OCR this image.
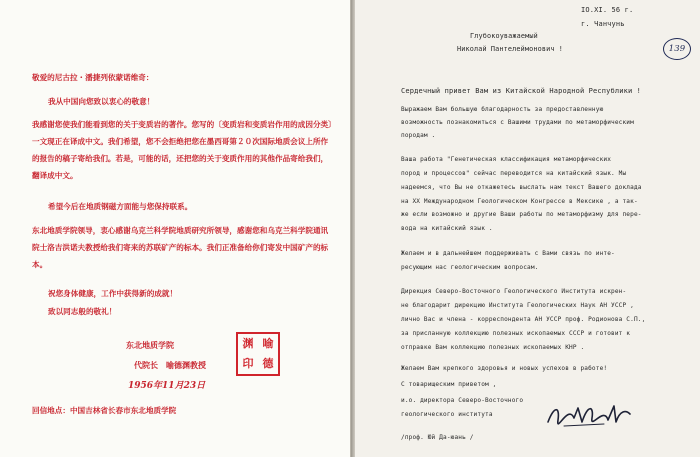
敬爱的尼古拉・潘捷列依蒙诺维奇：
我从中国向您致以衷心的敬意！
我感谢您使我们能看到您的关于变质岩的著作。您写的〔变质岩和变质岩作用的成因分类〕一文现正在译成中文。我们希望，您不会拒绝把您在墨西哥第２０次国际地质会议上所作的报告的稿子寄给我们。若是，可能的话，还把您的关于变质作用的其他作品寄给我们，翻译成中文。
希望今后在地质钢磁方面能与您保持联系。
东北地质学院领导，衷心感谢乌克兰科学院地质研究所领导，感谢您和乌克兰科学院通讯院士洛吉洪诺夫教授给我们寄来的苏联矿产的标本。我们正准备给你们寄发中国矿产的标本。
祝您身体健康，工作中获得新的成就！
致以同志般的敬礼！
东北地质学院
代院长　喻德渊教授
1956年11月23日
回信地点：中国吉林省长春市东北地质学院
渊 喻
印 德
IO.XI. 56 г.
г. Чанчунь
Глубокоуважаемый
Николай Пантелеймонович !	139
Сердечный привет Вам из Китайской Народной Республики !
Выражаем Вам большую благодарность за предоставленную
возможность познакомиться с Вашими трудами по метаморфическим
породам .
Ваша работа "Генетическая классификация метаморфических
пород и процессов" сейчас переводится на китайский язык. Мы
надеемся, что Вы не откажетесь выслать нам текст Вашего доклада
на XX Международном Геологическом Конгрессе в Мексике , а так-
же если возможно и другие Ваши работы по метаморфизму для пере-
вода на китайский язык .
Желаем и в дальнейшем поддерживать с Вами связь по инте-
ресующим нас геологическим вопросам.
Дирекция Северо-Восточного Геологического Института искрен-
не благодарит дирекцию Института Геологических Наук АН УССР ,
лично Вас и члена - корреспондента АН УССР проф. Родионова С.П.,
за присланную коллекцию полезных ископаемых СССР и готовит к
отправке Вам коллекцию полезных ископаемых КНР .
Желаем Вам крепкого здоровья и новых успехов в работе!
С товарищеским приветом ,
и.о. директора Северо-Восточного
геологического института
/проф. Юй Да-юань /
